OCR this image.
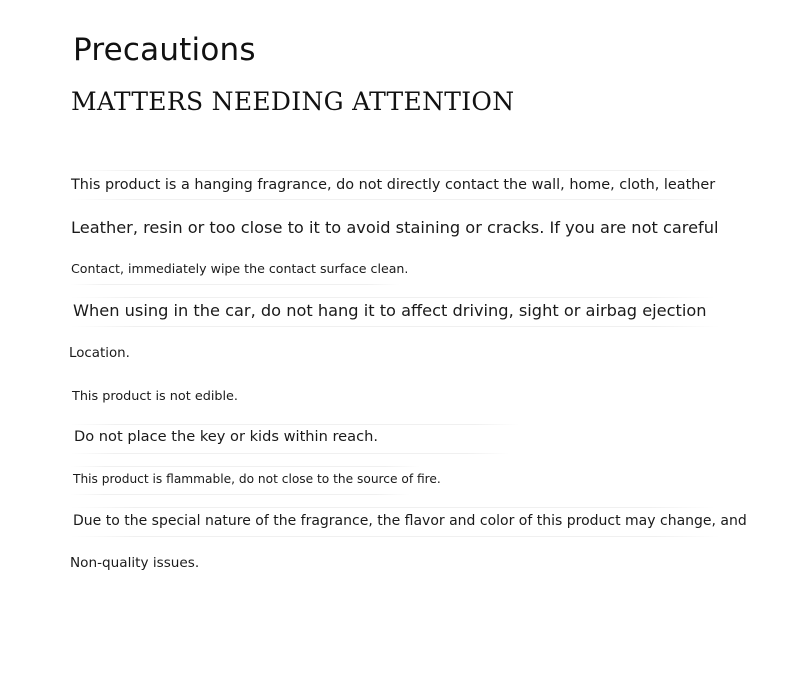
Precautions
MATTERS NEEDING ATTENTION
This product is a hanging fragrance, do not directly contact the wall, home, cloth, leather
Leather, resin or too close to it to avoid staining or cracks. If you are not careful
Contact, immediately wipe the contact surface clean.
When using in the car, do not hang it to affect driving, sight or airbag ejection
Location.
This product is not edible.
Do not place the key or kids within reach.
This product is flammable, do not close to the source of fire.
Due to the special nature of the fragrance, the flavor and color of this product may change, and
Non-quality issues.
